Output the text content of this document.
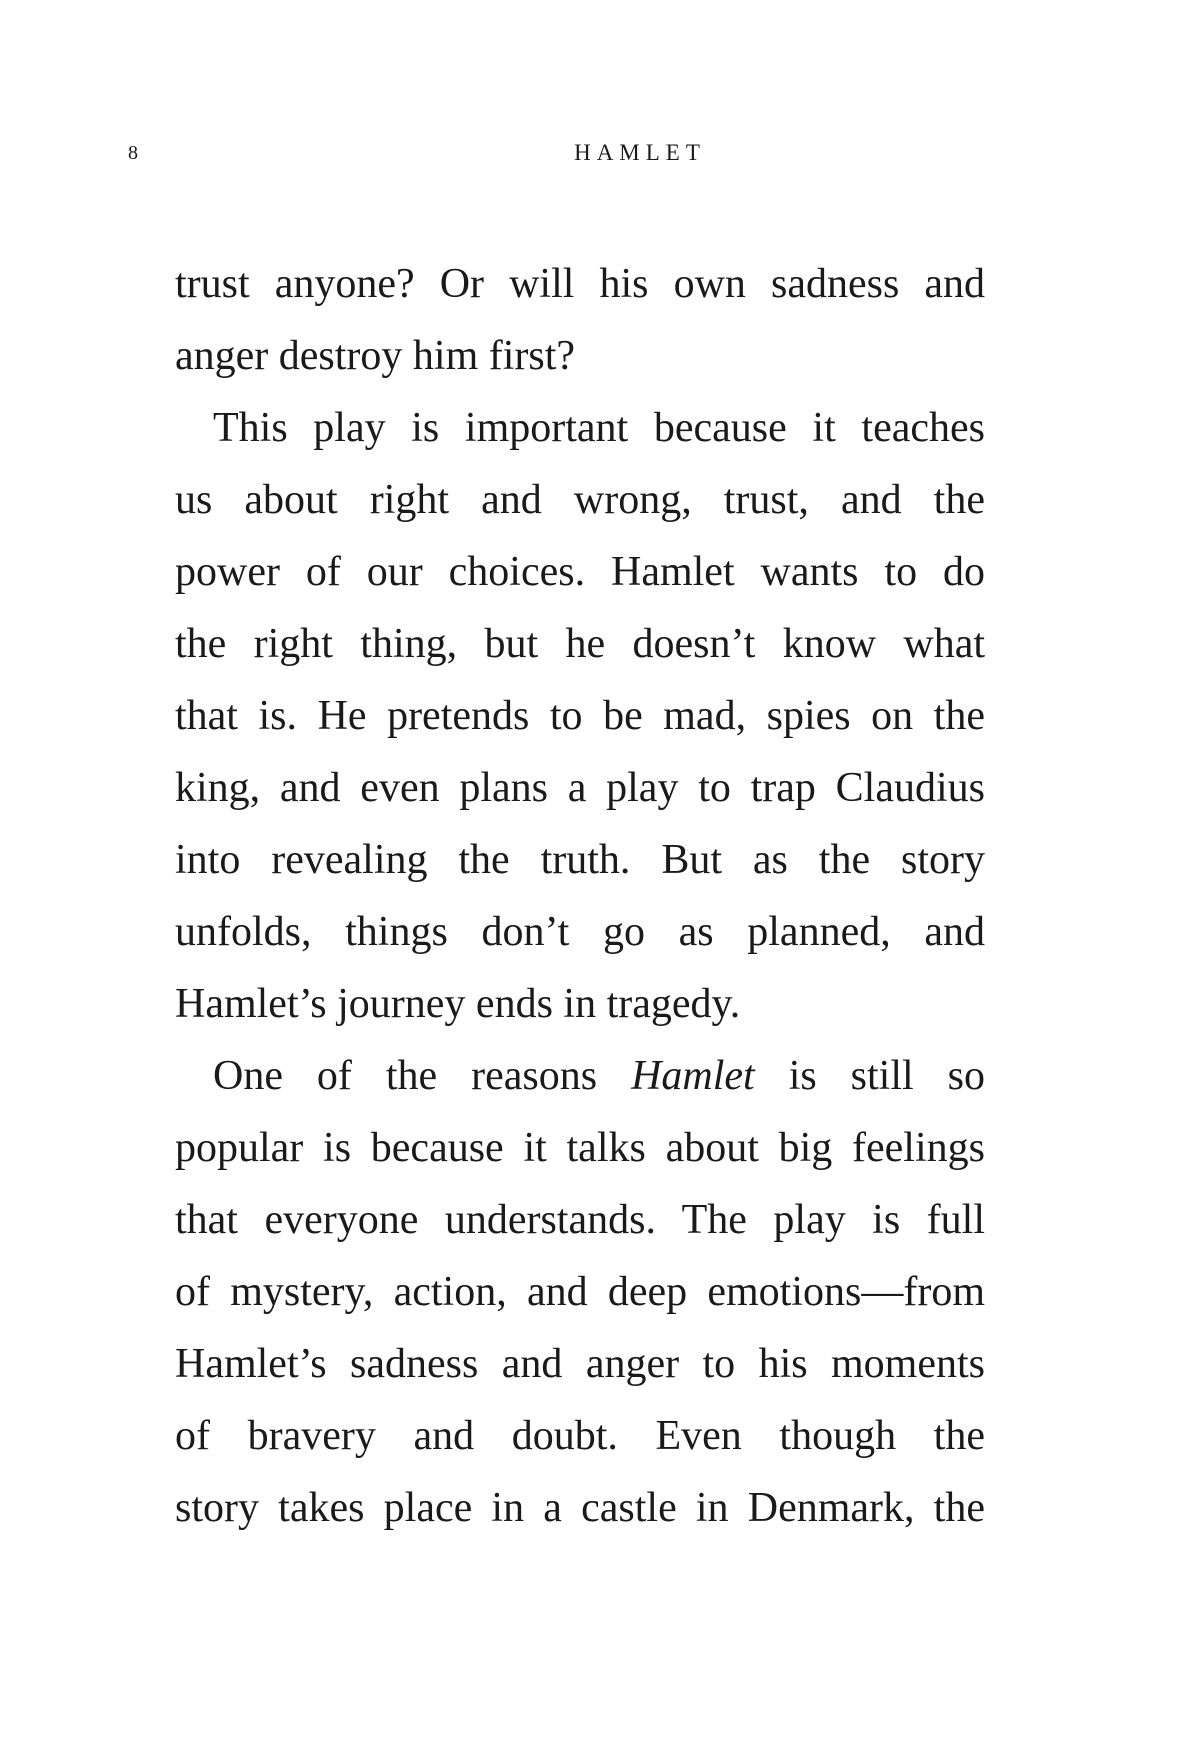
8	HAMLET
trust anyone? Or will his own sadness and
anger destroy him first?
This play is important because it teaches
us about right and wrong, trust, and the
power of our choices. Hamlet wants to do
the right thing, but he doesn’t know what
that is. He pretends to be mad, spies on the
king, and even plans a play to trap Claudius
into revealing the truth. But as the story
unfolds, things don’t go as planned, and
Hamlet’s journey ends in tragedy.
One of the reasons Hamlet is still so
popular is because it talks about big feelings
that everyone understands. The play is full
of mystery, action, and deep emotions—from
Hamlet’s sadness and anger to his moments
of bravery and doubt. Even though the
story takes place in a castle in Denmark, the
